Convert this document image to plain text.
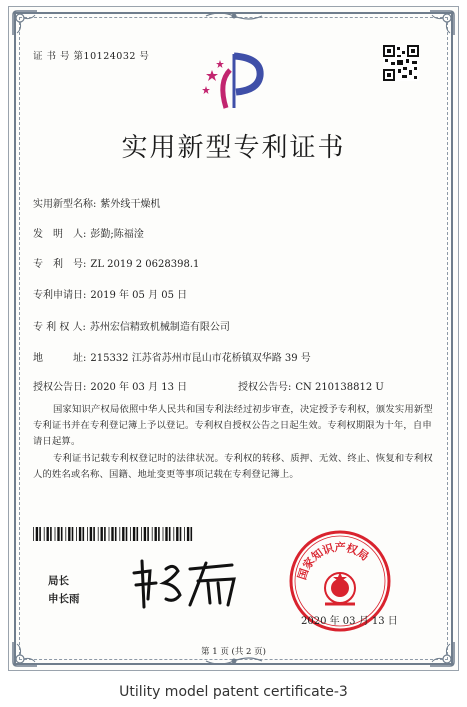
证 书 号 第10124032 号
实用新型专利证书
实用新型名称: 紫外线干燥机
发　明　人: 彭勤;陈福淦
专　利　号: ZL 2019 2 0628398.1
专利申请日: 2019 年 05 月 05 日
专 利 权 人: 苏州宏信精致机械制造有限公司
地　　　址: 215332 江苏省苏州市昆山市花桥镇双华路 39 号
授权公告日: 2020 年 03 月 13 日	授权公告号: CN 210138812 U
国家知识产权局依照中华人民共和国专利法经过初步审查，决定授予专利权，颁发实用新型专利证书并在专利登记簿上予以登记。专利权自授权公告之日起生效。专利权期限为十年，自申请日起算。
专利证书记载专利权登记时的法律状况。专利权的转移、质押、无效、终止、恢复和专利权人的姓名或名称、国籍、地址变更等事项记载在专利登记簿上。
局长
申长雨
国家知识产权局
2020 年 03 月 13 日
第 1 页 (共 2 页)
Utility model patent certificate-3
